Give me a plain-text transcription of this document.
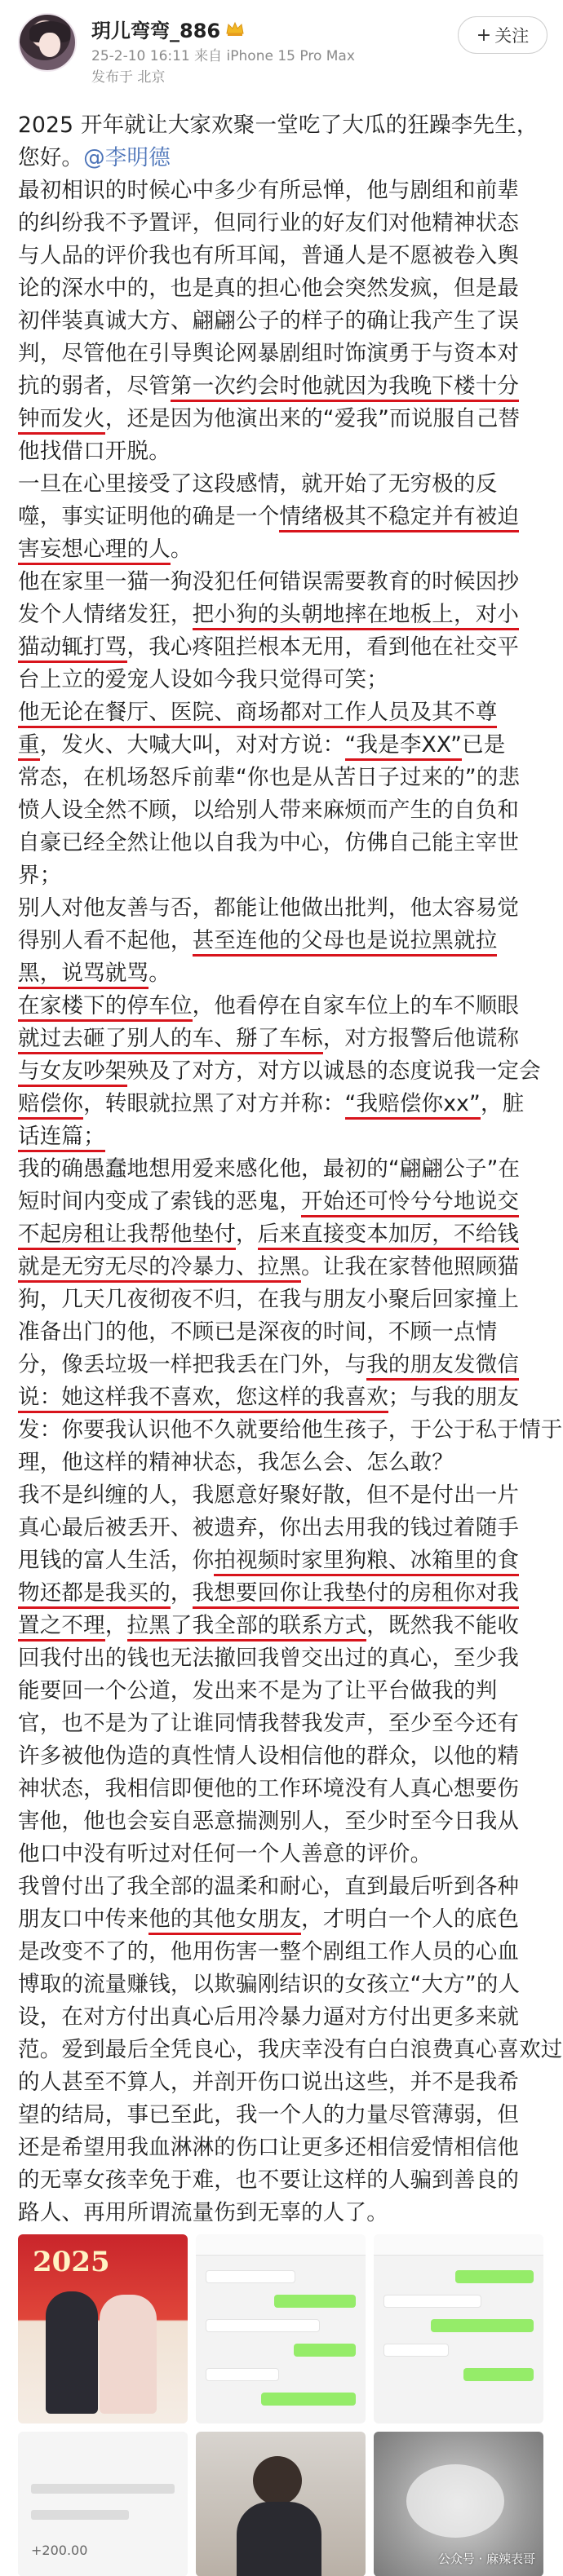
玥儿弯弯_886
25-2-10 16:11 来自 iPhone 15 Pro Max
发布于 北京
+ 关注
2025 开年就让大家欢聚一堂吃了大瓜的狂躁李先生，
您好。@李明德
最初相识的时候心中多少有所忌惮，他与剧组和前辈
的纠纷我不予置评，但同行业的好友们对他精神状态
与人品的评价我也有所耳闻，普通人是不愿被卷入舆
论的深水中的，也是真的担心他会突然发疯，但是最
初伴装真诚大方、翩翩公子的样子的确让我产生了误
判，尽管他在引导舆论网暴剧组时饰演勇于与资本对
抗的弱者，尽管第一次约会时他就因为我晚下楼十分
钟而发火，还是因为他演出来的“爱我”而说服自己替
他找借口开脱。
一旦在心里接受了这段感情，就开始了无穷极的反
噬，事实证明他的确是一个情绪极其不稳定并有被迫
害妄想心理的人。
他在家里一猫一狗没犯任何错误需要教育的时候因抄
发个人情绪发狂，把小狗的头朝地摔在地板上，对小
猫动辄打骂，我心疼阻拦根本无用，看到他在社交平
台上立的爱宠人设如今我只觉得可笑；
他无论在餐厅、医院、商场都对工作人员及其不尊
重，发火、大喊大叫，对对方说：“我是李XX”已是
常态，在机场怒斥前辈“你也是从苦日子过来的”的悲
愤人设全然不顾，以给别人带来麻烦而产生的自负和
自豪已经全然让他以自我为中心，仿佛自己能主宰世
界；
别人对他友善与否，都能让他做出批判，他太容易觉
得别人看不起他，甚至连他的父母也是说拉黑就拉
黑，说骂就骂。
在家楼下的停车位，他看停在自家车位上的车不顺眼
就过去砸了别人的车、掰了车标，对方报警后他谎称
与女友吵架殃及了对方，对方以诚恳的态度说我一定会
赔偿你，转眼就拉黑了对方并称：“我赔偿你xx”，脏
话连篇；
我的确愚蠢地想用爱来感化他，最初的“翩翩公子”在
短时间内变成了索钱的恶鬼，开始还可怜兮兮地说交
不起房租让我帮他垫付，后来直接变本加厉，不给钱
就是无穷无尽的冷暴力、拉黑。让我在家替他照顾猫
狗，几天几夜彻夜不归，在我与朋友小聚后回家撞上
准备出门的他，不顾已是深夜的时间，不顾一点情
分，像丢垃圾一样把我丢在门外，与我的朋友发微信
说：她这样我不喜欢，您这样的我喜欢；与我的朋友
发：你要我认识他不久就要给他生孩子，于公于私于情于
理，他这样的精神状态，我怎么会、怎么敢？
我不是纠缠的人，我愿意好聚好散，但不是付出一片
真心最后被丢开、被遗弃，你出去用我的钱过着随手
甩钱的富人生活，你拍视频时家里狗粮、冰箱里的食
物还都是我买的，我想要回你让我垫付的房租你对我
置之不理，拉黑了我全部的联系方式，既然我不能收
回我付出的钱也无法撤回我曾交出过的真心，至少我
能要回一个公道，发出来不是为了让平台做我的判
官，也不是为了让谁同情我替我发声，至少至今还有
许多被他伪造的真性情人设相信他的群众，以他的精
神状态，我相信即便他的工作环境没有人真心想要伤
害他，他也会妄自恶意揣测别人，至少时至今日我从
他口中没有听过对任何一个人善意的评价。
我曾付出了我全部的温柔和耐心，直到最后听到各种
朋友口中传来他的其他女朋友，才明白一个人的底色
是改变不了的，他用伤害一整个剧组工作人员的心血
博取的流量赚钱，以欺骗刚结识的女孩立“大方”的人
设，在对方付出真心后用冷暴力逼对方付出更多来就
范。爱到最后全凭良心，我庆幸没有白白浪费真心喜欢过
的人甚至不算人，并剖开伤口说出这些，并不是我希
望的结局，事已至此，我一个人的力量尽管薄弱，但
还是希望用我血淋淋的伤口让更多还相信爱情相信他
的无辜女孩幸免于难，也不要让这样的人骗到善良的
路人、再用所谓流量伤到无辜的人了。
2025
+200.00
公众号 · 麻辣表哥
